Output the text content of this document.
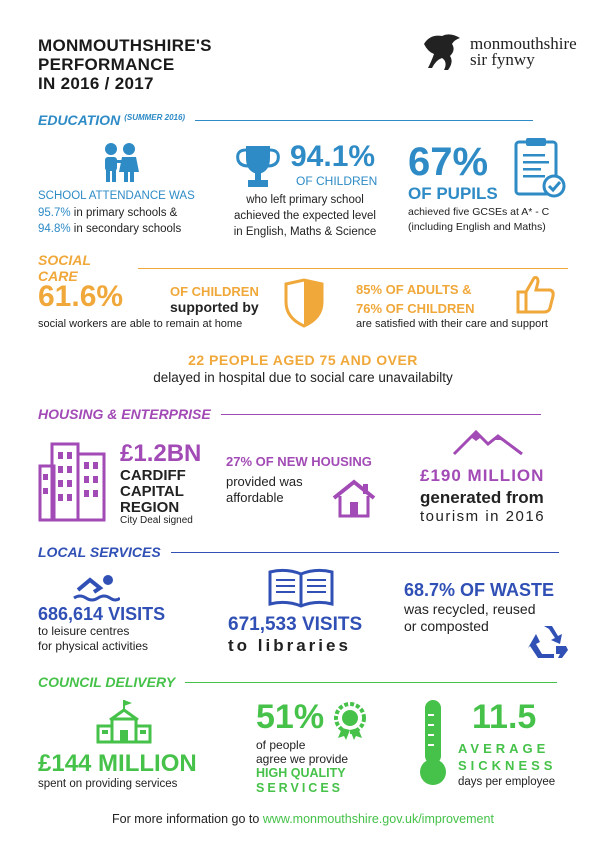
MONMOUTHSHIRE'S
PERFORMANCE
IN 2016 / 2017
monmouthshire
sir fynwy
EDUCATION (SUMMER 2016)
SCHOOL ATTENDANCE WAS
95.7% in primary schools &
94.8% in secondary schools
94.1%
OF CHILDREN
who left primary school
achieved the expected level
in English, Maths & Science
67%
OF PUPILS
achieved five GCSEs at A* - C
(including English and Maths)
SOCIAL CARE
61.6%	OF CHILDREN
supported by
social workers are able to remain at home
85% OF ADULTS &
76% OF CHILDREN
are satisfied with their care and support
22 PEOPLE AGED 75 AND OVER
delayed in hospital due to social care unavailabilty
HOUSING & ENTERPRISE
£1.2BN
CARDIFF
CAPITAL
REGION
City Deal signed
27% OF NEW HOUSING
provided was
affordable
£190 MILLION
generated from
tourism in 2016
LOCAL SERVICES
686,614 VISITS
to leisure centres
for physical activities
671,533 VISITS
to libraries
68.7% OF WASTE
was recycled, reused
or composted
COUNCIL DELIVERY
£144 MILLION
spent on providing services
51%
of people
agree we provide
HIGH QUALITY
SERVICES
11.5
AVERAGE
SICKNESS
days per employee
For more information go to www.monmouthshire.gov.uk/improvement
